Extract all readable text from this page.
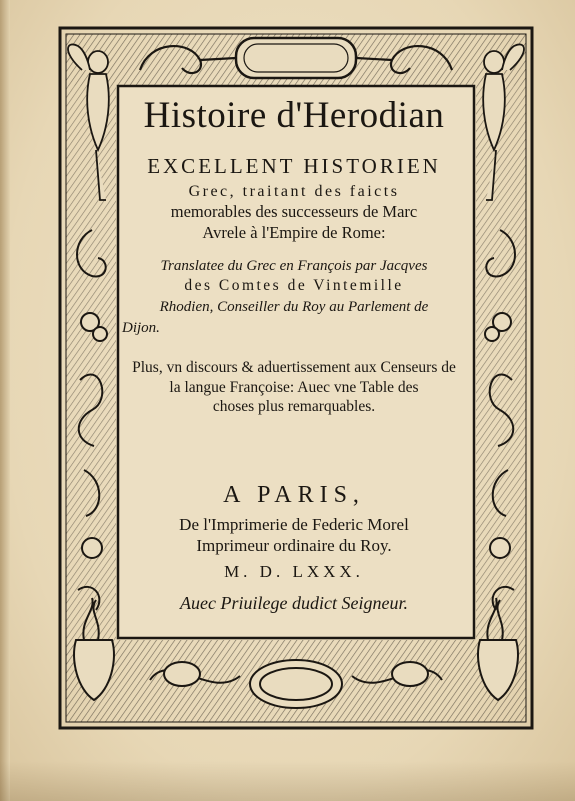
Histoire d'Herodian
EXCELLENT HISTORIEN
Grec, traitant des faicts
memorables des successeurs de Marc
Avrele à l'Empire de Rome:
Translatee du Grec en François par Jacqves
des Comtes de Vintemille
Rhodien, Conseiller du Roy au Parlement de
Dijon.
Plus, vn discours & aduertissement aux Censeurs de
la langue Françoise: Auec vne Table des
choses plus remarquables.
A PARIS,
De l'Imprimerie de Federic Morel
Imprimeur ordinaire du Roy.
M. D. LXXX.
Auec Priuilege dudict Seigneur.
